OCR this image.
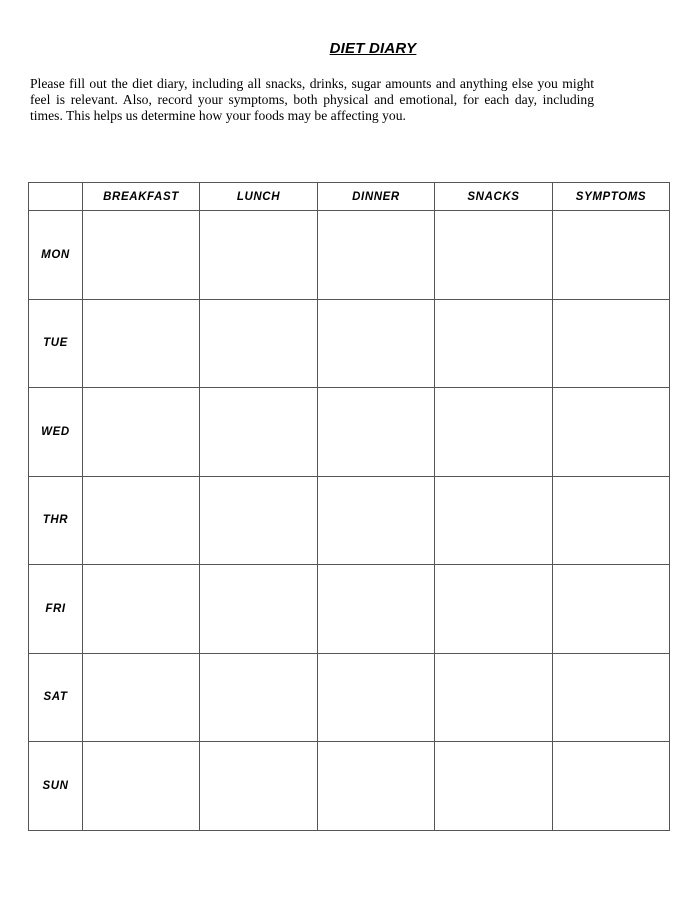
DIET DIARY

Please fill out the diet diary, including all snacks, drinks, sugar amounts and anything else you might feel is relevant. Also, record your symptoms, both physical and emotional, for each day, including times. This helps us determine how your foods may be affecting you.

	BREAKFAST	LUNCH	DINNER	SNACKS	SYMPTOMS
MON					
TUE					
WED					
THR					
FRI					
SAT					
SUN					
